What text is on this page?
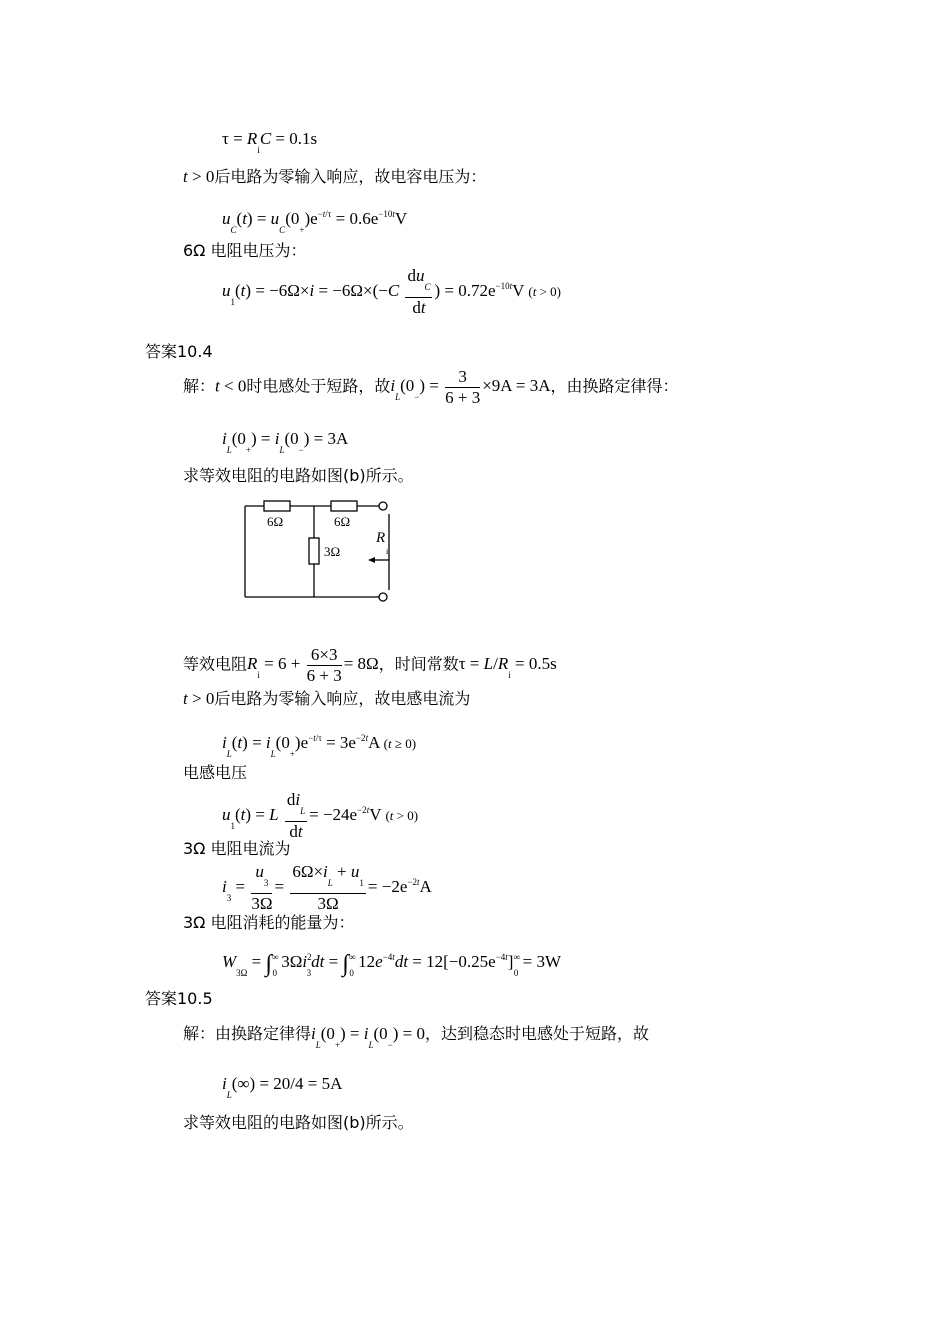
$\tau = R_iC = 0.1s$
t > 0后电路为零输入响应，故电容电压为：
$u_C(t) = u_C(0_+)e^{-t/\tau} = 0.6e^{-10t}V$
6Ω 电阻电压为：
$u_1(t) = -6\Omega\times i = -6\Omega\times(-C \frac{du_C}{dt}$ ) = $0.72e^{-10t}V$ (t > 0)
答案10.4
解：t < 0时电感处于短路，故$i_L(0_-) = \frac{3}{6 + 3} \times 9A = 3A$，由换路定律得：
$i_L(0_+) = i_L(0_-) = 3A$
求等效电阻的电路如图(b)所示。
6Ω	6Ω
3Ω
R
i
等效电阻$R_i = 6 + \frac{6\times 3}{6 + 3} = 8\Omega$，时间常数$\tau = L/R_i = 0.5s$
t > 0后电路为零输入响应，故电感电流为
$i_L(t) = i_L(0_+)e^{-t/\tau} = 3e^{-2t}A$ (t ≥ 0)
电感电压
$u_1(t) = L \frac{di_L}{dt} = -24e^{-2t}V$ (t > 0)
3Ω 电阻电流为
$i_3 = \frac{u_3}{3\Omega} = \frac{6\Omega\times i_L + u_1}{3\Omega} = -2e^{-2t}A$
3Ω 电阻消耗的能量为：
$W_{3\Omega} = \int^\infty_0$ $3\Omega i^2_3dt = \int^\infty_0$ $12e^{-4t}dt = 12[-0.25e^{-4t}]^\infty_0 = 3W$
答案10.5
解：由换路定律得$i_L(0_+) = i_L(0_-) = 0$，达到稳态时电感处于短路，故
$i_L(\infty) = 20/4 = 5A$
求等效电阻的电路如图(b)所示。
